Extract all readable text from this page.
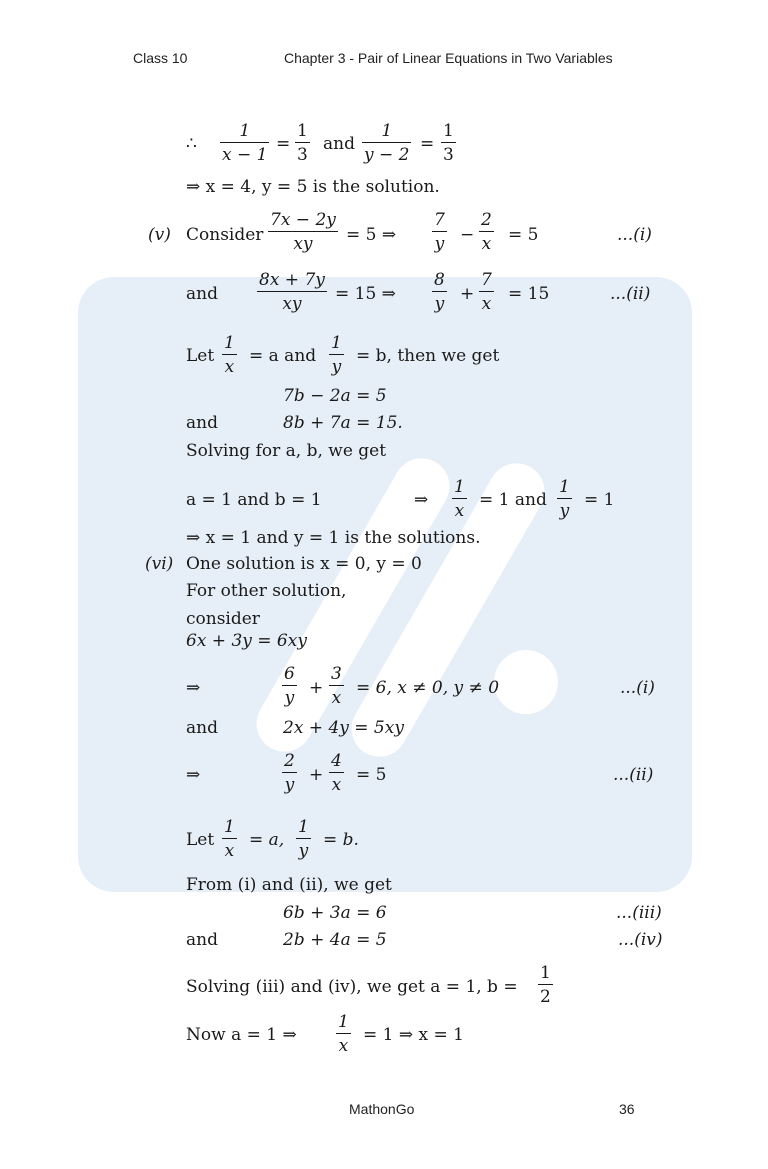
Class 10	Chapter 3 - Pair of Linear Equations in Two Variables
MathonGo	36
∴ $\frac{1}{x - 1} = \frac{1}{3}$ and $\frac{1}{y - 2} = \frac{1}{3}$
⇒ x = 4, y = 5 is the solution.
(v) Consider $\frac{7x - 2y}{xy} = 5$ ⇒ $\frac{7}{y} - \frac{2}{x} = 5$	...(i)
and $\frac{8x + 7y}{xy} = 15$ ⇒ $\frac{8}{y} + \frac{7}{x} = 15$	...(ii)
Let $\frac{1}{x} = a$ and $\frac{1}{y} = b$, then we get
7b − 2a = 5
and	8b + 7a = 15.
Solving for a, b, we get
a = 1 and b = 1	⇒ $\frac{1}{x} = 1$ and $\frac{1}{y} = 1$
⇒ x = 1 and y = 1 is the solutions.
(vi) One solution is x = 0, y = 0
For other solution,
consider
6x + 3y = 6xy
⇒	$\frac{6}{y} + \frac{3}{x} = 6$, x ≠ 0, y ≠ 0	...(i)
and	2x + 4y = 5xy
⇒	$\frac{2}{y} + \frac{4}{x} = 5$	...(ii)
Let $\frac{1}{x} = a$, $\frac{1}{y} = b$.
From (i) and (ii), we get
6b + 3a = 6	...(iii)
and	2b + 4a = 5	...(iv)
Solving (iii) and (iv), we get a = 1, $b = \frac{1}{2}$
Now a = 1 ⇒ $\frac{1}{x} = 1$ ⇒ x = 1
